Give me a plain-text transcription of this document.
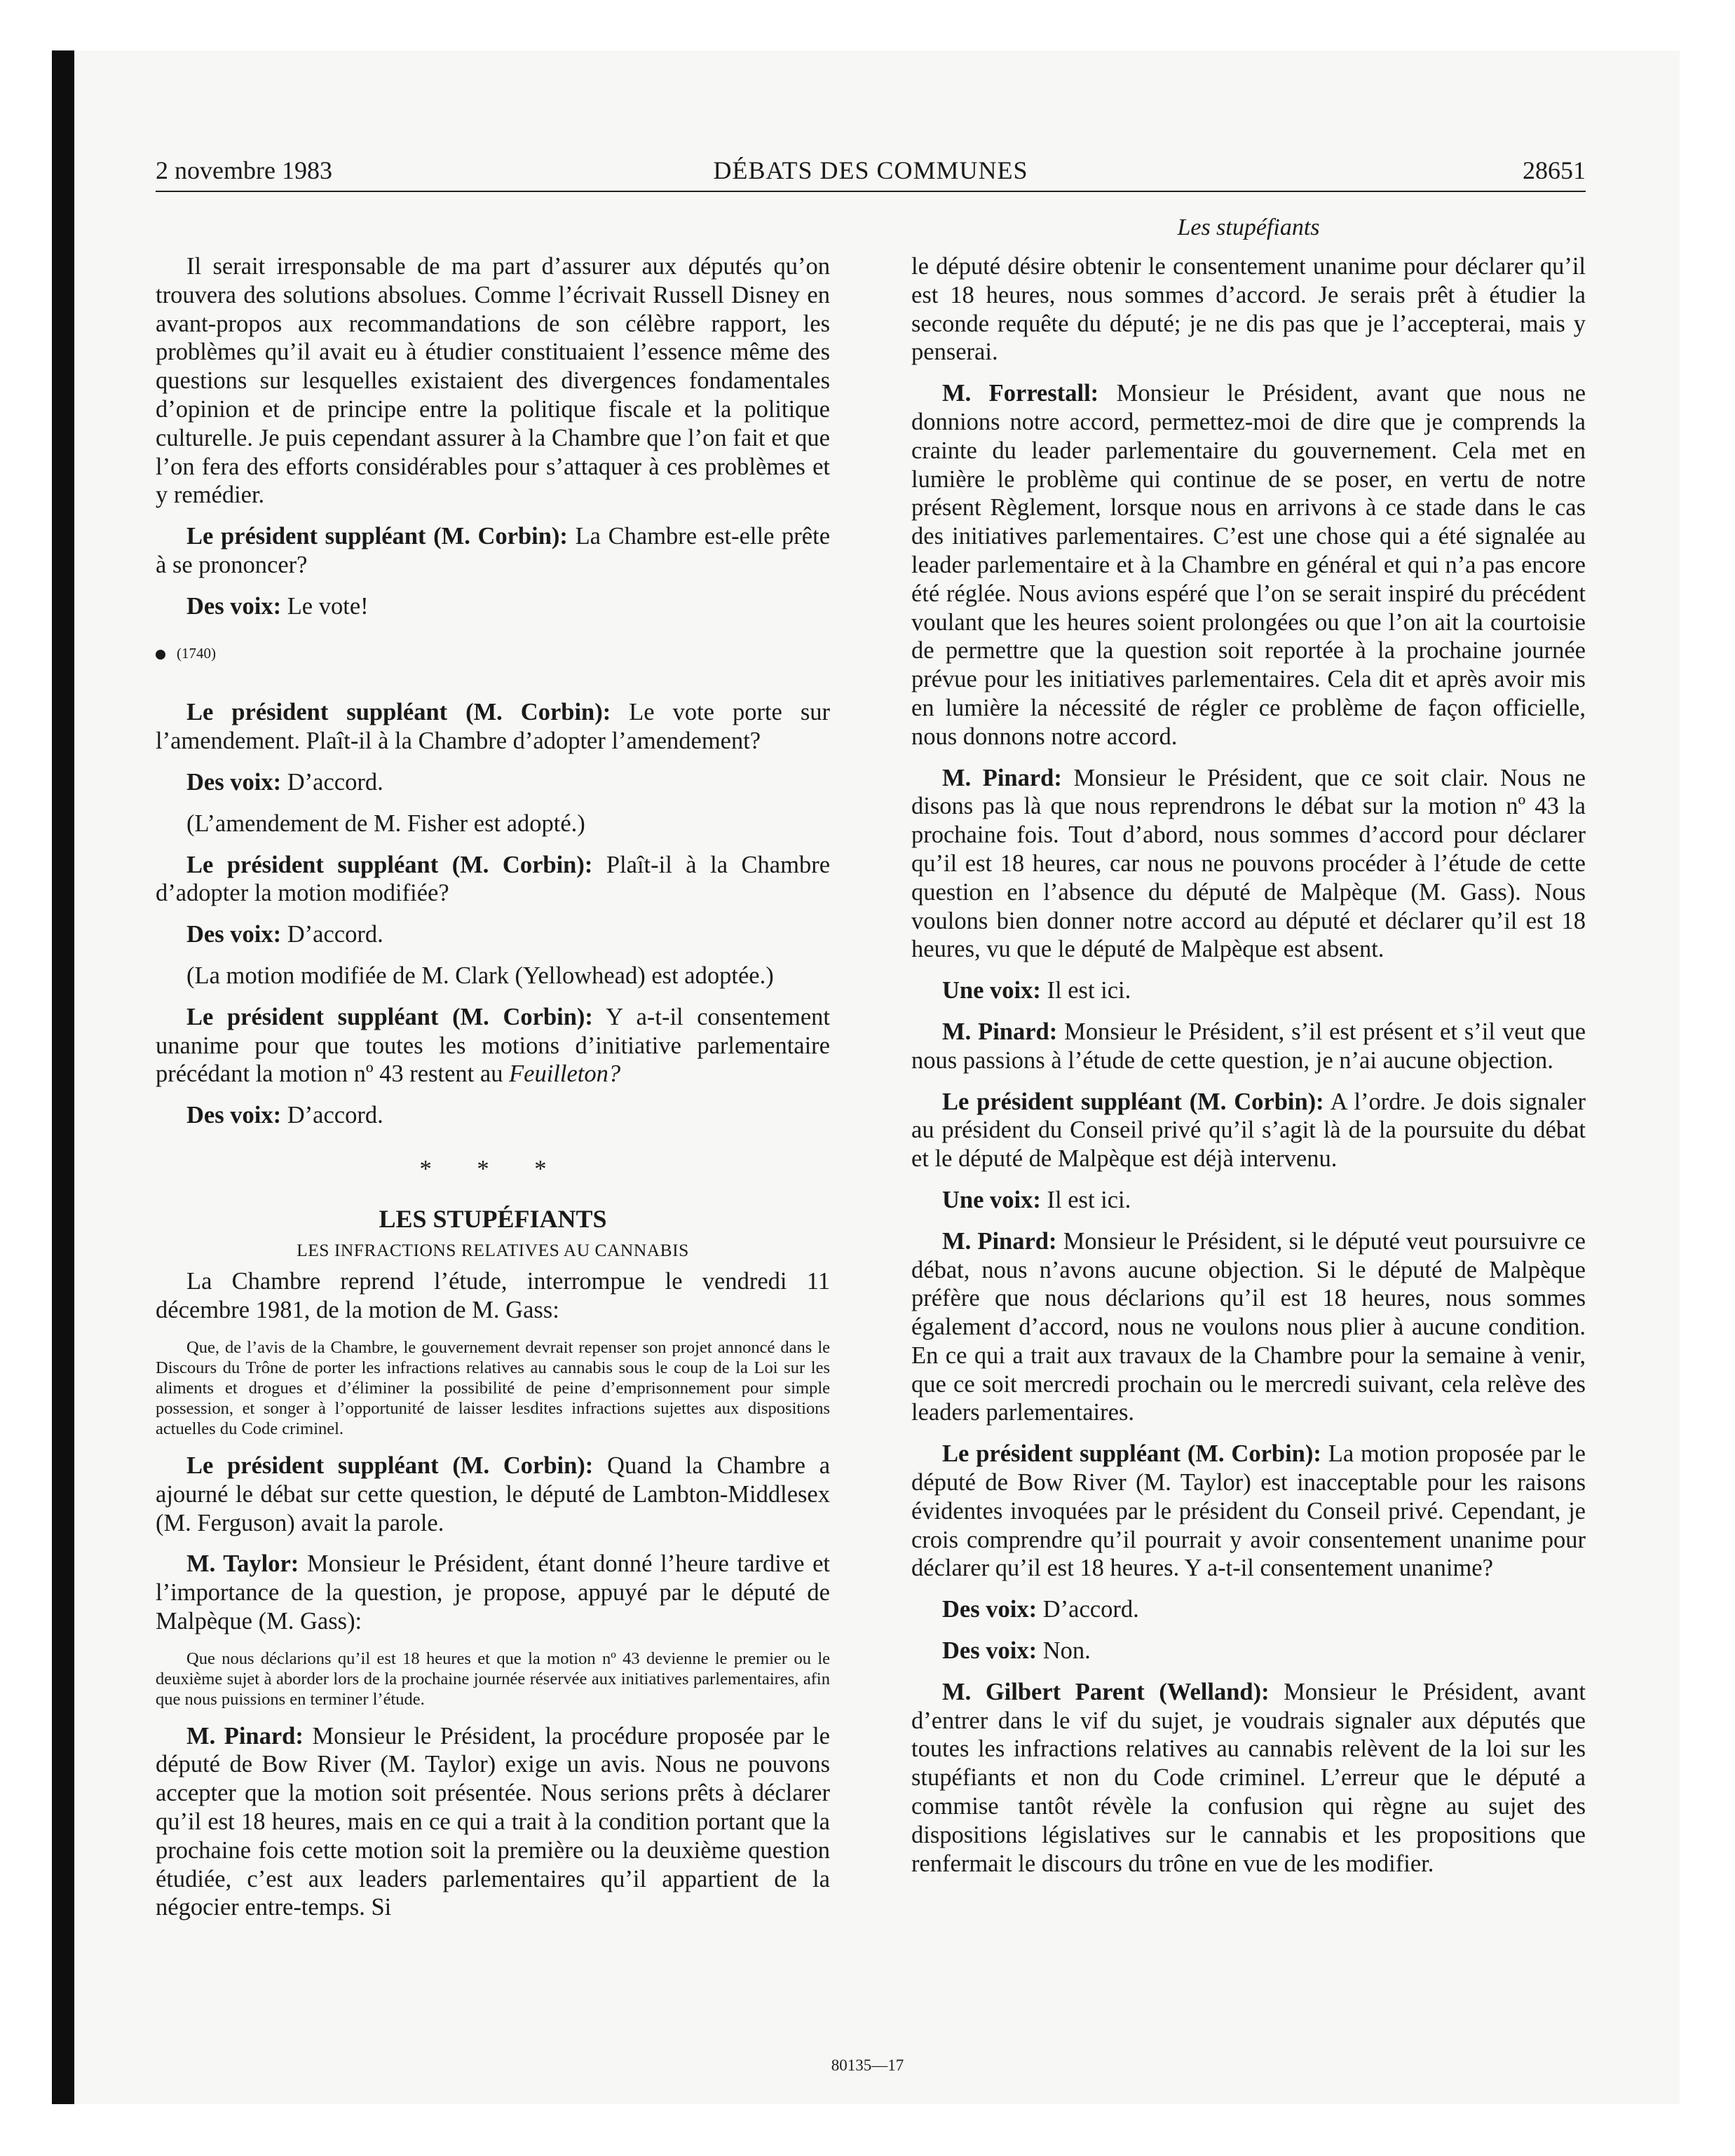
DÉBATS DES COMMUNES
2 novembre 1983	28651
Les stupéfiants

Il serait irresponsable de ma part d’assurer aux députés qu’on trouvera des solutions absolues. Comme l’écrivait Russell Disney en avant-propos aux recommandations de son célèbre rapport, les problèmes qu’il avait eu à étudier constituaient l’essence même des questions sur lesquelles existaient des divergences fondamentales d’opinion et de principe entre la politique fiscale et la politique culturelle. Je puis cependant assurer à la Chambre que l’on fait et que l’on fera des efforts considérables pour s’attaquer à ces problèmes et y remédier.

Le président suppléant (M. Corbin): La Chambre est-elle prête à se prononcer?

Des voix: Le vote!

(1740)

Le président suppléant (M. Corbin): Le vote porte sur l’amendement. Plaît-il à la Chambre d’adopter l’amendement?

Des voix: D’accord.

(L’amendement de M. Fisher est adopté.)

Le président suppléant (M. Corbin): Plaît-il à la Chambre d’adopter la motion modifiée?

Des voix: D’accord.

(La motion modifiée de M. Clark (Yellowhead) est adoptée.)

Le président suppléant (M. Corbin): Y a-t-il consentement unanime pour que toutes les motions d’initiative parlementaire précédant la motion nº 43 restent au Feuilleton?

Des voix: D’accord.

* * *

LES STUPÉFIANTS

LES INFRACTIONS RELATIVES AU CANNABIS

La Chambre reprend l’étude, interrompue le vendredi 11 décembre 1981, de la motion de M. Gass:

Que, de l’avis de la Chambre, le gouvernement devrait repenser son projet annoncé dans le Discours du Trône de porter les infractions relatives au cannabis sous le coup de la Loi sur les aliments et drogues et d’éliminer la possibilité de peine d’emprisonnement pour simple possession, et songer à l’opportunité de laisser lesdites infractions sujettes aux dispositions actuelles du Code criminel.

Le président suppléant (M. Corbin): Quand la Chambre a ajourné le débat sur cette question, le député de Lambton-Middlesex (M. Ferguson) avait la parole.

M. Taylor: Monsieur le Président, étant donné l’heure tardive et l’importance de la question, je propose, appuyé par le député de Malpèque (M. Gass):

Que nous déclarions qu’il est 18 heures et que la motion nº 43 devienne le premier ou le deuxième sujet à aborder lors de la prochaine journée réservée aux initiatives parlementaires, afin que nous puissions en terminer l’étude.

M. Pinard: Monsieur le Président, la procédure proposée par le député de Bow River (M. Taylor) exige un avis. Nous ne pouvons accepter que la motion soit présentée. Nous serions prêts à déclarer qu’il est 18 heures, mais en ce qui a trait à la condition portant que la prochaine fois cette motion soit la première ou la deuxième question étudiée, c’est aux leaders parlementaires qu’il appartient de la négocier entre-temps. Si

le député désire obtenir le consentement unanime pour déclarer qu’il est 18 heures, nous sommes d’accord. Je serais prêt à étudier la seconde requête du député; je ne dis pas que je l’accepterai, mais y penserai.

M. Forrestall: Monsieur le Président, avant que nous ne donnions notre accord, permettez-moi de dire que je comprends la crainte du leader parlementaire du gouvernement. Cela met en lumière le problème qui continue de se poser, en vertu de notre présent Règlement, lorsque nous en arrivons à ce stade dans le cas des initiatives parlementaires. C’est une chose qui a été signalée au leader parlementaire et à la Chambre en général et qui n’a pas encore été réglée. Nous avions espéré que l’on se serait inspiré du précédent voulant que les heures soient prolongées ou que l’on ait la courtoisie de permettre que la question soit reportée à la prochaine journée prévue pour les initiatives parlementaires. Cela dit et après avoir mis en lumière la nécessité de régler ce problème de façon officielle, nous donnons notre accord.

M. Pinard: Monsieur le Président, que ce soit clair. Nous ne disons pas là que nous reprendrons le débat sur la motion nº 43 la prochaine fois. Tout d’abord, nous sommes d’accord pour déclarer qu’il est 18 heures, car nous ne pouvons procéder à l’étude de cette question en l’absence du député de Malpèque (M. Gass). Nous voulons bien donner notre accord au député et déclarer qu’il est 18 heures, vu que le député de Malpèque est absent.

Une voix: Il est ici.

M. Pinard: Monsieur le Président, s’il est présent et s’il veut que nous passions à l’étude de cette question, je n’ai aucune objection.

Le président suppléant (M. Corbin): A l’ordre. Je dois signaler au président du Conseil privé qu’il s’agit là de la poursuite du débat et le député de Malpèque est déjà intervenu.

Une voix: Il est ici.

M. Pinard: Monsieur le Président, si le député veut poursuivre ce débat, nous n’avons aucune objection. Si le député de Malpèque préfère que nous déclarions qu’il est 18 heures, nous sommes également d’accord, nous ne voulons nous plier à aucune condition. En ce qui a trait aux travaux de la Chambre pour la semaine à venir, que ce soit mercredi prochain ou le mercredi suivant, cela relève des leaders parlementaires.

Le président suppléant (M. Corbin): La motion proposée par le député de Bow River (M. Taylor) est inacceptable pour les raisons évidentes invoquées par le président du Conseil privé. Cependant, je crois comprendre qu’il pourrait y avoir consentement unanime pour déclarer qu’il est 18 heures. Y a-t-il consentement unanime?

Des voix: D’accord.

Des voix: Non.

M. Gilbert Parent (Welland): Monsieur le Président, avant d’entrer dans le vif du sujet, je voudrais signaler aux députés que toutes les infractions relatives au cannabis relèvent de la loi sur les stupéfiants et non du Code criminel. L’erreur que le député a commise tantôt révèle la confusion qui règne au sujet des dispositions législatives sur le cannabis et les propositions que renfermait le discours du trône en vue de les modifier.

80135—17
